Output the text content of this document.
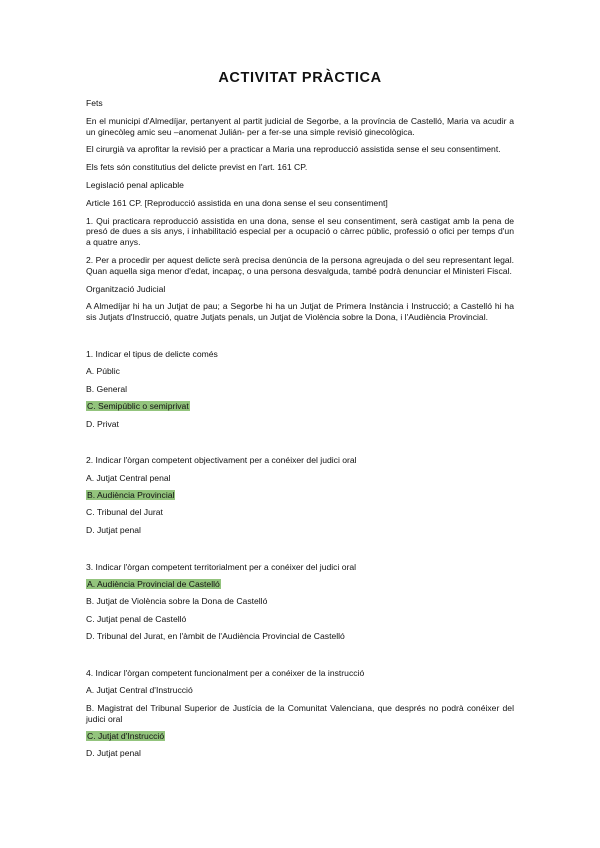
ACTIVITAT PRÀCTICA

Fets

En el municipi d'Almedíjar, pertanyent al partit judicial de Segorbe, a la província de Castelló, Maria va acudir a un ginecòleg amic seu –anomenat Julián- per a fer-se una simple revisió ginecològica.

El cirurgià va aprofitar la revisió per a practicar a Maria una reproducció assistida sense el seu consentiment.

Els fets són constitutius del delicte previst en l'art. 161 CP.

Legislació penal aplicable

Article 161 CP. [Reproducció assistida en una dona sense el seu consentiment]

1. Qui practicara reproducció assistida en una dona, sense el seu consentiment, serà castigat amb la pena de presó de dues a sis anys, i inhabilitació especial per a ocupació o càrrec públic, professió o ofici per temps d'un a quatre anys.

2. Per a procedir per aquest delicte serà precisa denúncia de la persona agreujada o del seu representant legal. Quan aquella siga menor d'edat, incapaç, o una persona desvalguda, també podrà denunciar el Ministeri Fiscal.

Organització Judicial

A Almedíjar hi ha un Jutjat de pau; a Segorbe hi ha un Jutjat de Primera Instància i Instrucció; a Castelló hi ha sis Jutjats d'Instrucció, quatre Jutjats penals, un Jutjat de Violència sobre la Dona, i l'Audiència Provincial.

1. Indicar el tipus de delicte comés

A. Públic

B. General

C. Semipúblic o semiprivat

D. Privat

2. Indicar l'òrgan competent objectivament per a conéixer del judici oral

A. Jutjat Central penal

B. Audiència Provincial

C. Tribunal del Jurat

D. Jutjat penal

3. Indicar l'òrgan competent territorialment per a conéixer del judici oral

A. Audiència Provincial de Castelló

B. Jutjat de Violència sobre la Dona de Castelló

C. Jutjat penal de Castelló

D. Tribunal del Jurat, en l'àmbit de l'Audiència Provincial de Castelló

4. Indicar l'òrgan competent funcionalment per a conéixer de la instrucció

A. Jutjat Central d'Instrucció

B. Magistrat del Tribunal Superior de Justícia de la Comunitat Valenciana, que després no podrà conéixer del judici oral

C. Jutjat d'Instrucció

D. Jutjat penal
